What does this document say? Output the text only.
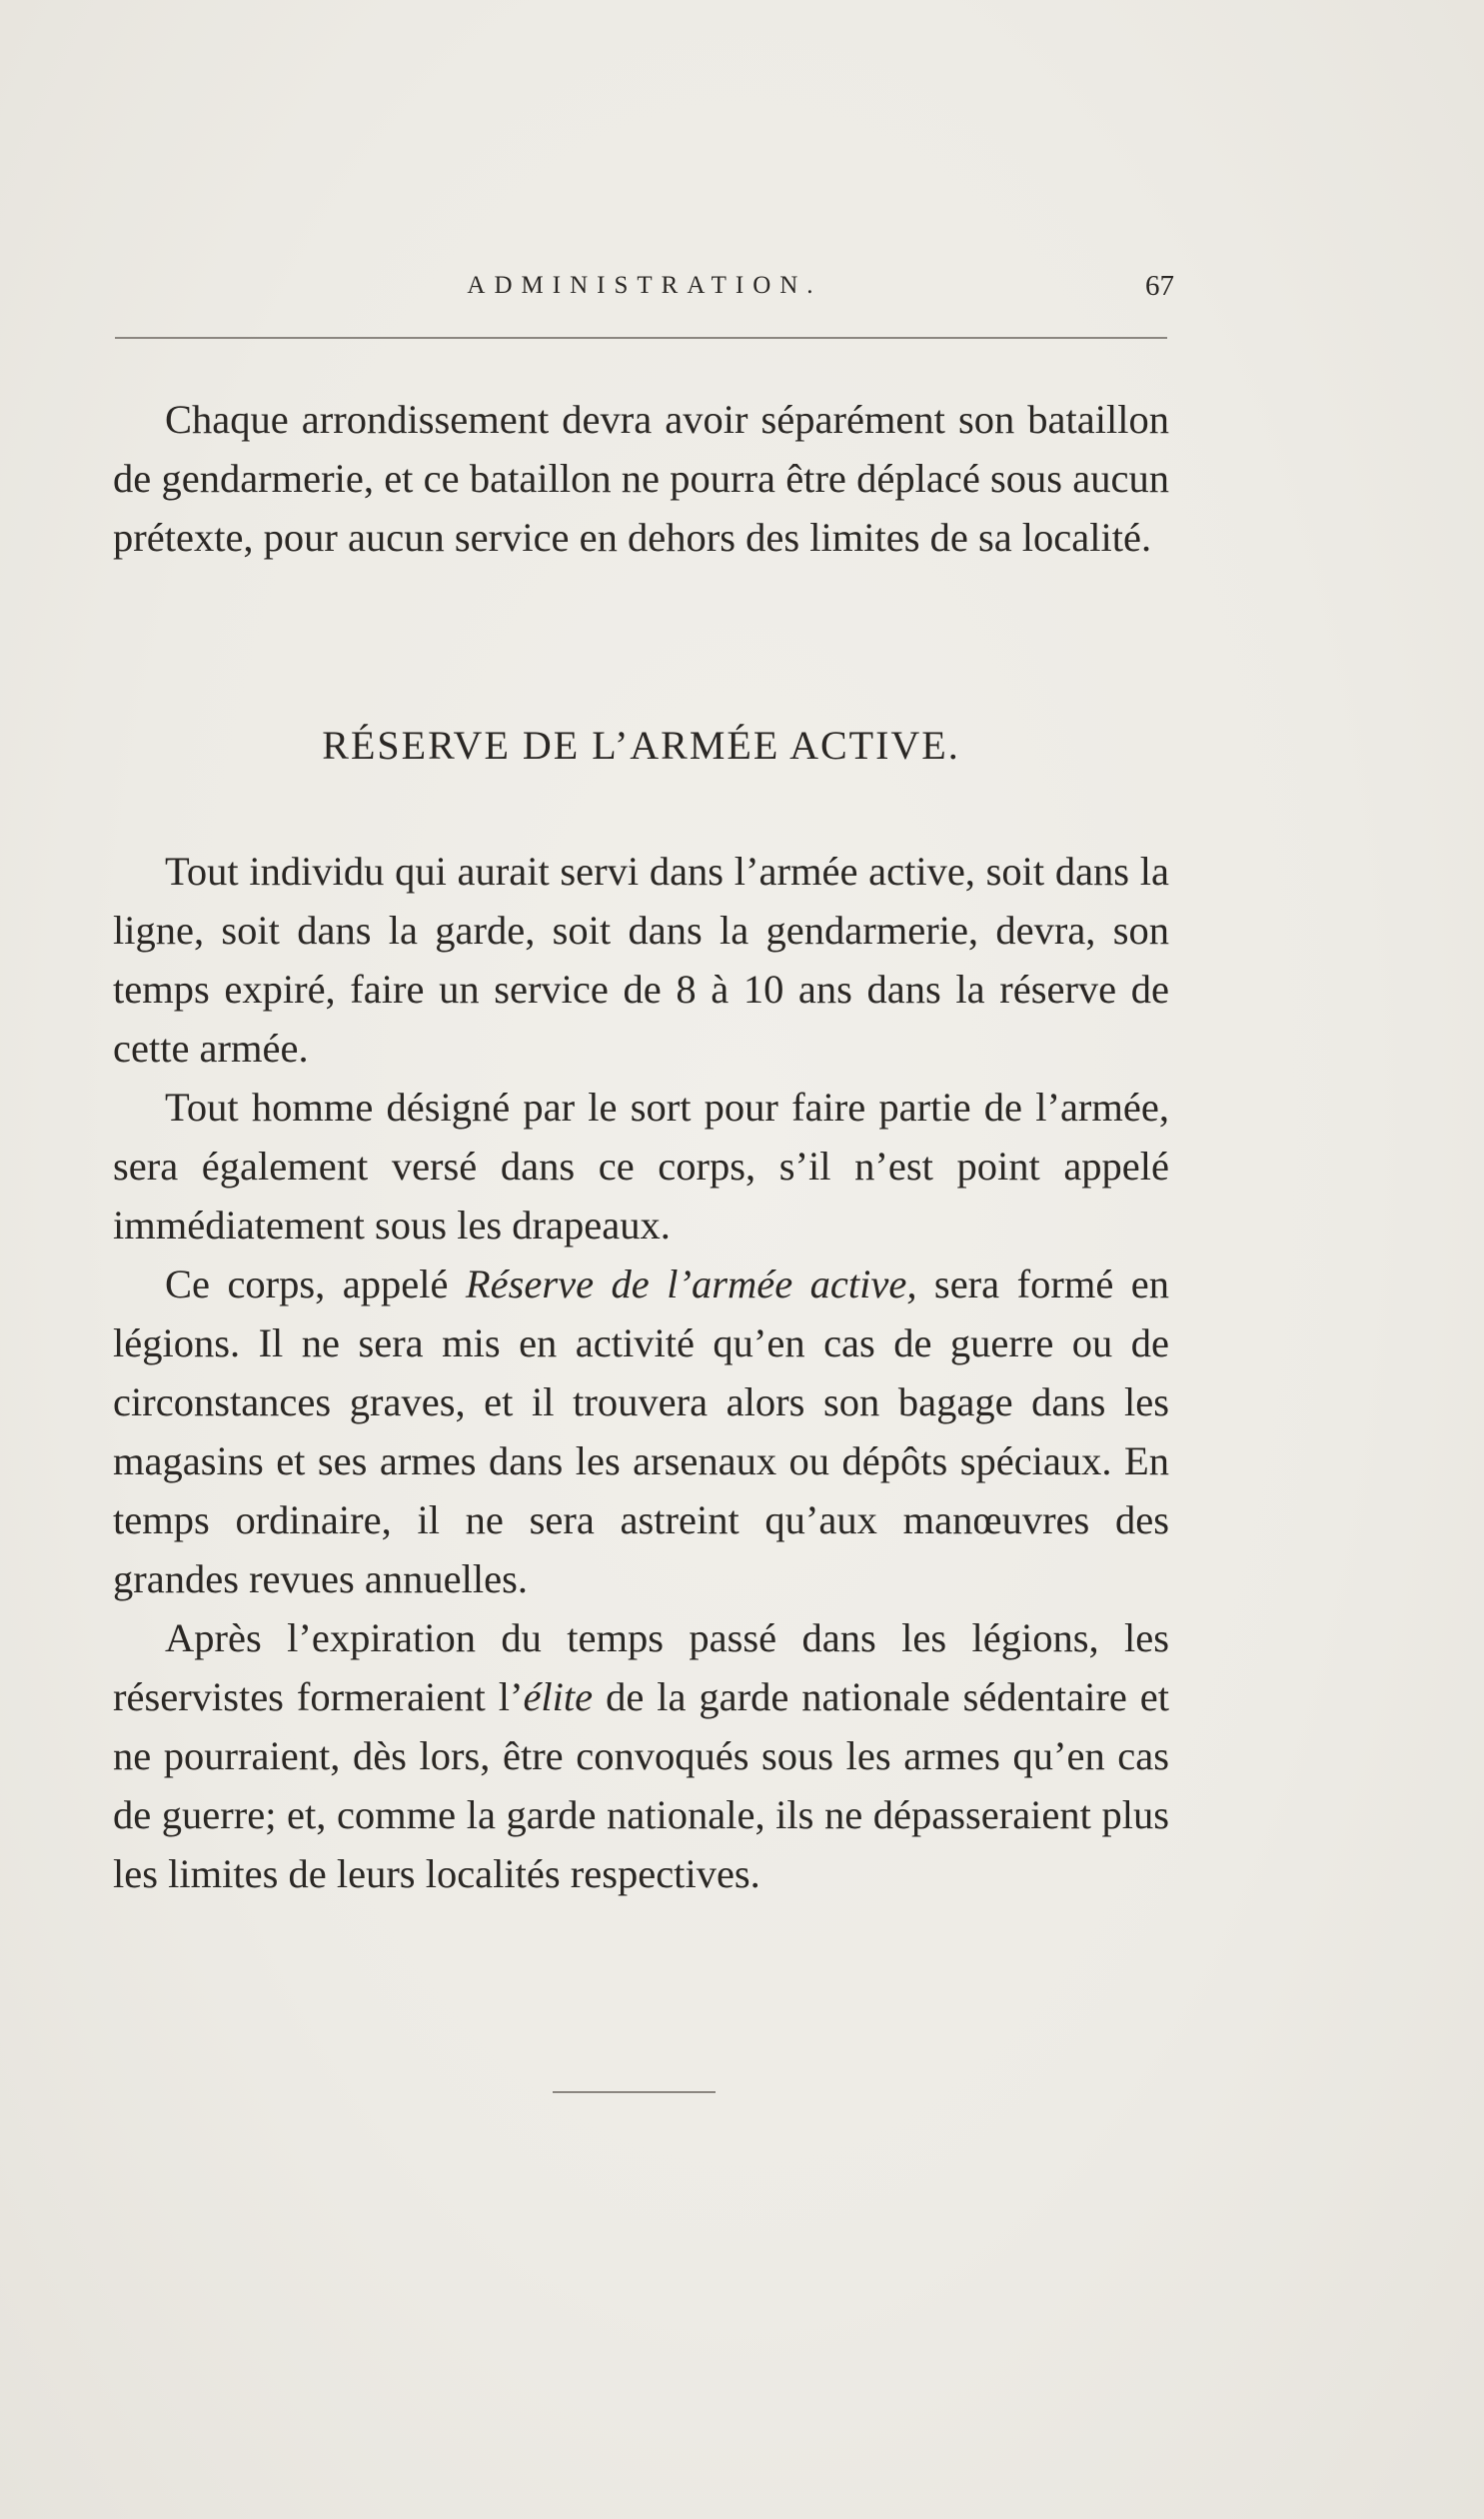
ADMINISTRATION.	67

Chaque arrondissement devra avoir séparément son bataillon de gendarmerie, et ce bataillon ne pourra être déplacé sous aucun prétexte, pour aucun service en dehors des limites de sa localité.

RÉSERVE DE L’ARMÉE ACTIVE.

Tout individu qui aurait servi dans l’armée active, soit dans la ligne, soit dans la garde, soit dans la gendarmerie, devra, son temps expiré, faire un service de 8 à 10 ans dans la réserve de cette armée.

Tout homme désigné par le sort pour faire partie de l’armée, sera également versé dans ce corps, s’il n’est point appelé immédiatement sous les drapeaux.

Ce corps, appelé Réserve de l’armée active, sera formé en légions. Il ne sera mis en activité qu’en cas de guerre ou de circonstances graves, et il trouvera alors son bagage dans les magasins et ses armes dans les arsenaux ou dépôts spéciaux. En temps ordinaire, il ne sera astreint qu’aux manœuvres des grandes revues annuelles.

Après l’expiration du temps passé dans les légions, les réservistes formeraient l’élite de la garde nationale sédentaire et ne pourraient, dès lors, être convoqués sous les armes qu’en cas de guerre; et, comme la garde nationale, ils ne dépasseraient plus les limites de leurs localités respectives.
